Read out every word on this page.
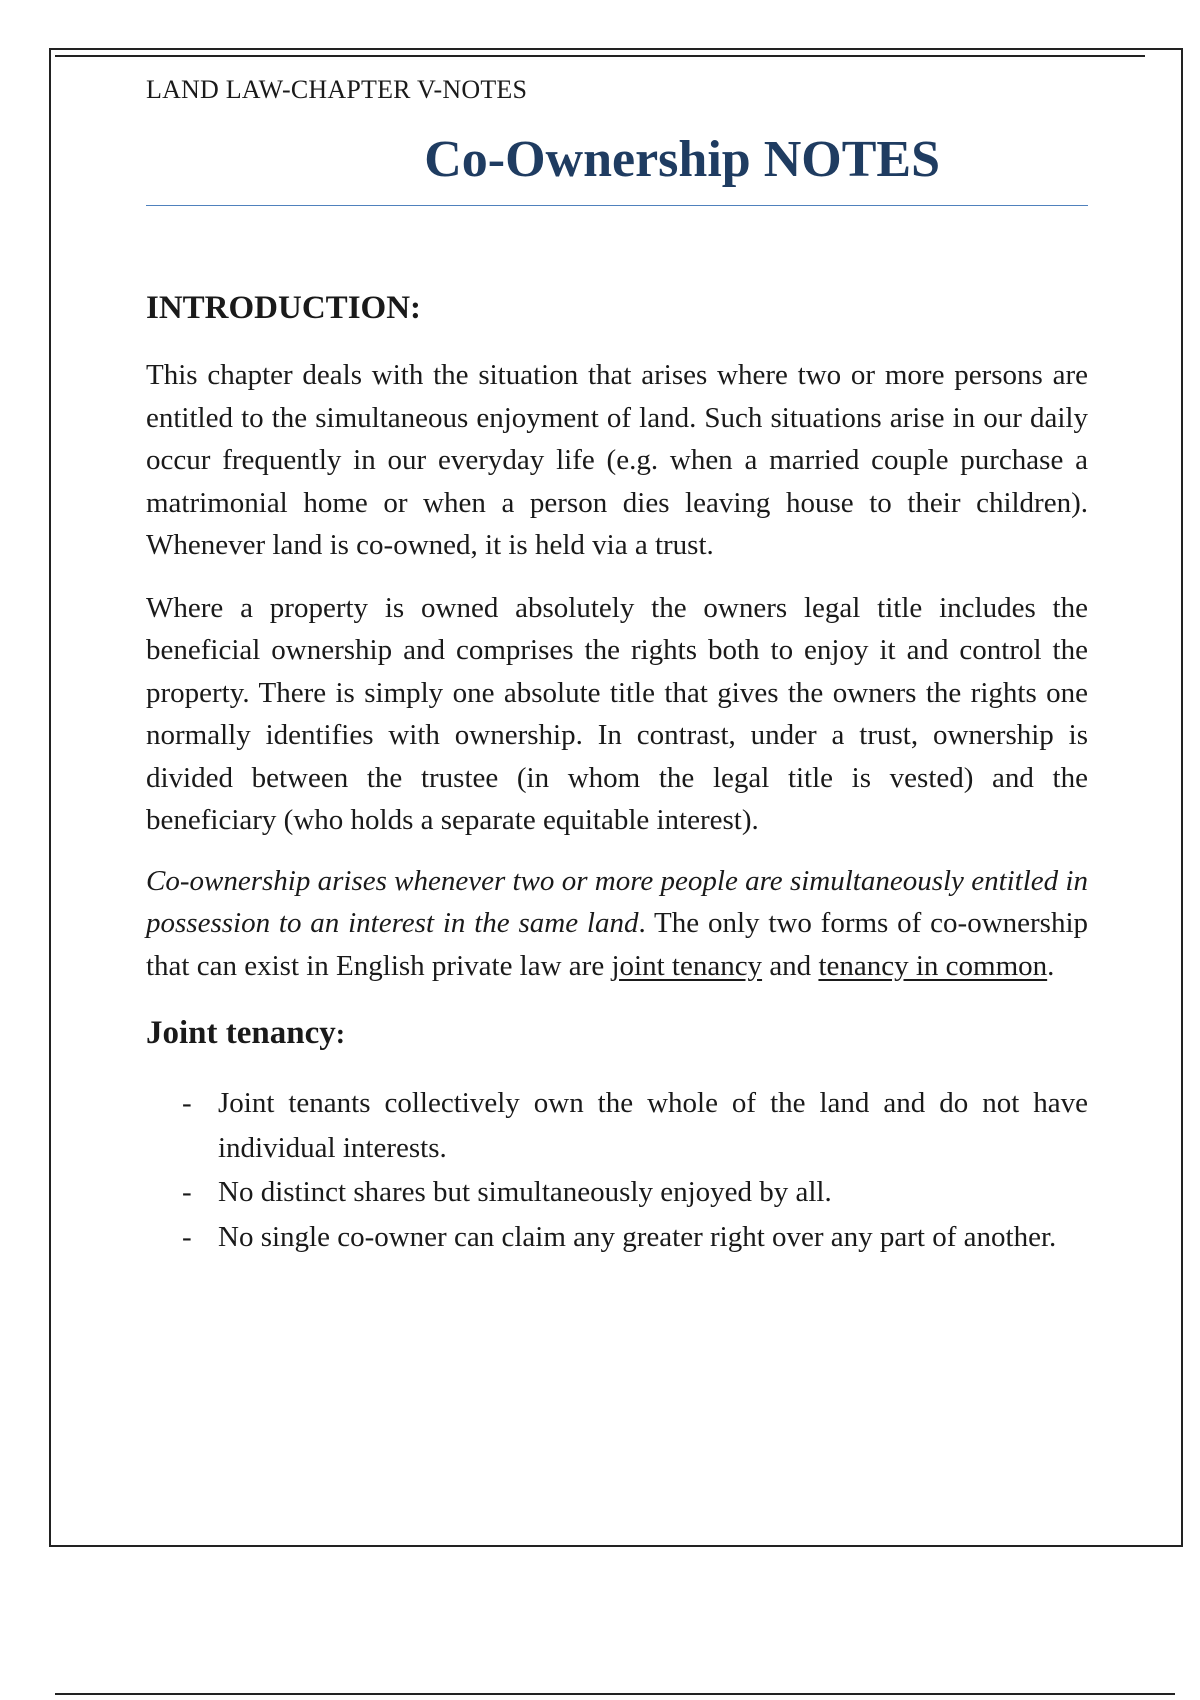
LAND LAW-CHAPTER V-NOTES
Co-Ownership NOTES
INTRODUCTION:

This chapter deals with the situation that arises where two or more persons are entitled to the simultaneous enjoyment of land. Such situations arise in our daily occur frequently in our everyday life (e.g. when a married couple purchase a matrimonial home or when a person dies leaving house to their children). Whenever land is co-owned, it is held via a trust.

Where a property is owned absolutely the owners legal title includes the beneficial ownership and comprises the rights both to enjoy it and control the property. There is simply one absolute title that gives the owners the rights one normally identifies with ownership. In contrast, under a trust, ownership is divided between the trustee (in whom the legal title is vested) and the beneficiary (who holds a separate equitable interest).

Co-ownership arises whenever two or more people are simultaneously entitled in possession to an interest in the same land. The only two forms of co-ownership that can exist in English private law are joint tenancy and tenancy in common.

Joint tenancy:
- Joint tenants collectively own the whole of the land and do not have individual interests.
- No distinct shares but simultaneously enjoyed by all.
- No single co-owner can claim any greater right over any part of another.
